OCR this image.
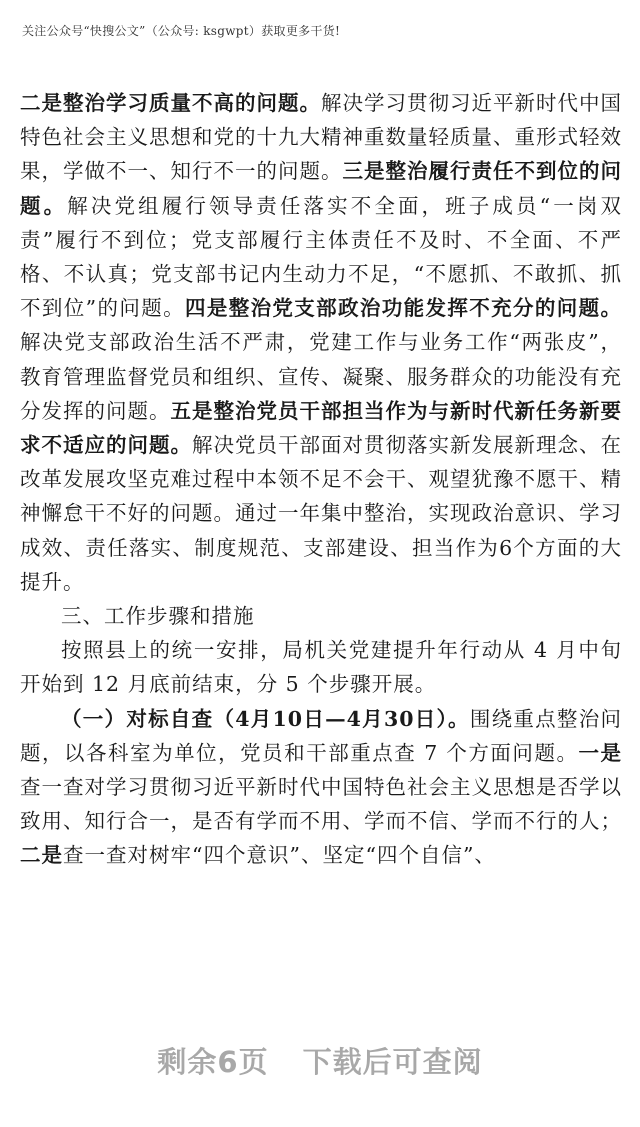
关注公众号“快搜公文”（公众号: ksgwpt）获取更多干货!

二是整治学习质量不高的问题。解决学习贯彻习近平新时代中国特色社会主义思想和党的十九大精神重数量轻质量、重形式轻效果，学做不一、知行不一的问题。三是整治履行责任不到位的问题。解决党组履行领导责任落实不全面，班子成员“一岗双责”履行不到位；党支部履行主体责任不及时、不全面、不严格、不认真；党支部书记内生动力不足，“不愿抓、不敢抓、抓不到位”的问题。四是整治党支部政治功能发挥不充分的问题。解决党支部政治生活不严肃，党建工作与业务工作“两张皮”，教育管理监督党员和组织、宣传、凝聚、服务群众的功能没有充分发挥的问题。五是整治党员干部担当作为与新时代新任务新要求不适应的问题。解决党员干部面对贯彻落实新发展新理念、在改革发展攻坚克难过程中本领不足不会干、观望犹豫不愿干、精神懈怠干不好的问题。通过一年集中整治，实现政治意识、学习成效、责任落实、制度规范、支部建设、担当作为6个方面的大提升。

三、工作步骤和措施

按照县上的统一安排，局机关党建提升年行动从 4 月中旬开始到 12 月底前结束，分 5 个步骤开展。

（一）对标自查（4月10日—4月30日）。围绕重点整治问题，以各科室为单位，党员和干部重点查 7 个方面问题。一是查一查对学习贯彻习近平新时代中国特色社会主义思想是否学以致用、知行合一，是否有学而不用、学而不信、学而不行的人；二是查一查对树牢“四个意识”、坚定“四个自信”、

剩余6页 下载后可查阅
